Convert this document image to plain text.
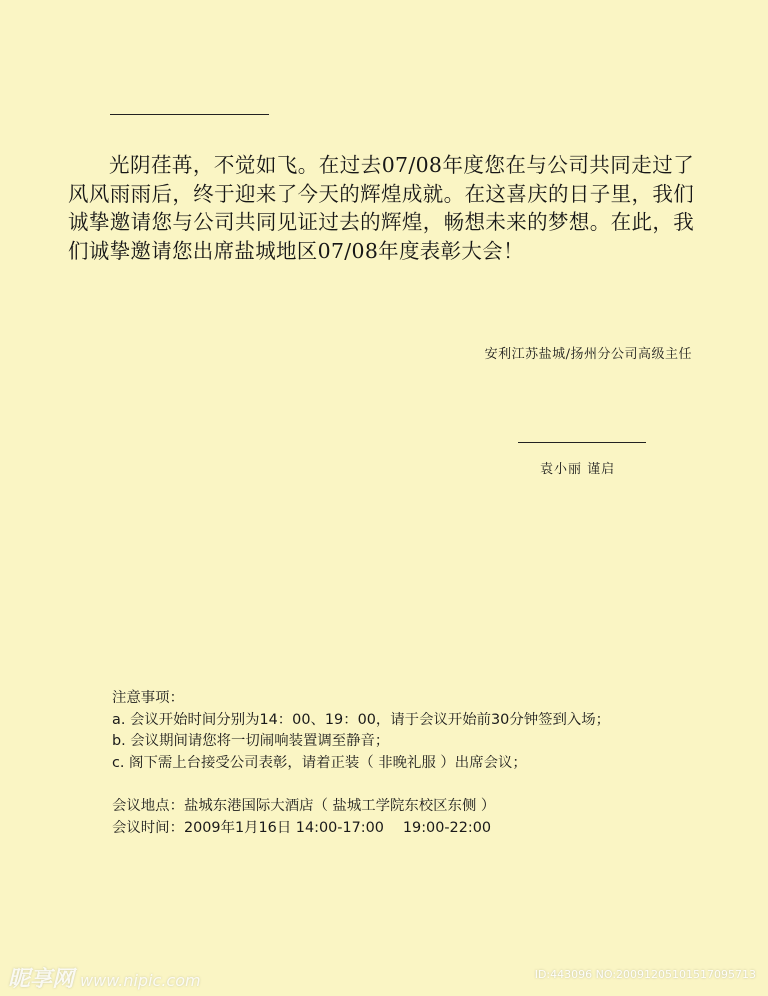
光阴荏苒，不觉如飞。在过去07/08年度您在与公司共同走过了风风雨雨后，终于迎来了今天的辉煌成就。在这喜庆的日子里，我们诚挚邀请您与公司共同见证过去的辉煌，畅想未来的梦想。在此，我们诚挚邀请您出席盐城地区07/08年度表彰大会！

安利江苏盐城/扬州分公司高级主任
袁小丽 谨启
注意事项：
a. 会议开始时间分别为14：00、19：00，请于会议开始前30分钟签到入场；
b. 会议期间请您将一切闹响装置调至静音；
c. 阁下需上台接受公司表彰，请着正装（ 非晚礼服 ）出席会议；
会议地点：盐城东港国际大酒店（ 盐城工学院东校区东侧 ）
会议时间：2009年1月16日 14:00-17:00　 19:00-22:00
昵享网 www.nipic.com	ID:443096 NO:20091205101517095713
